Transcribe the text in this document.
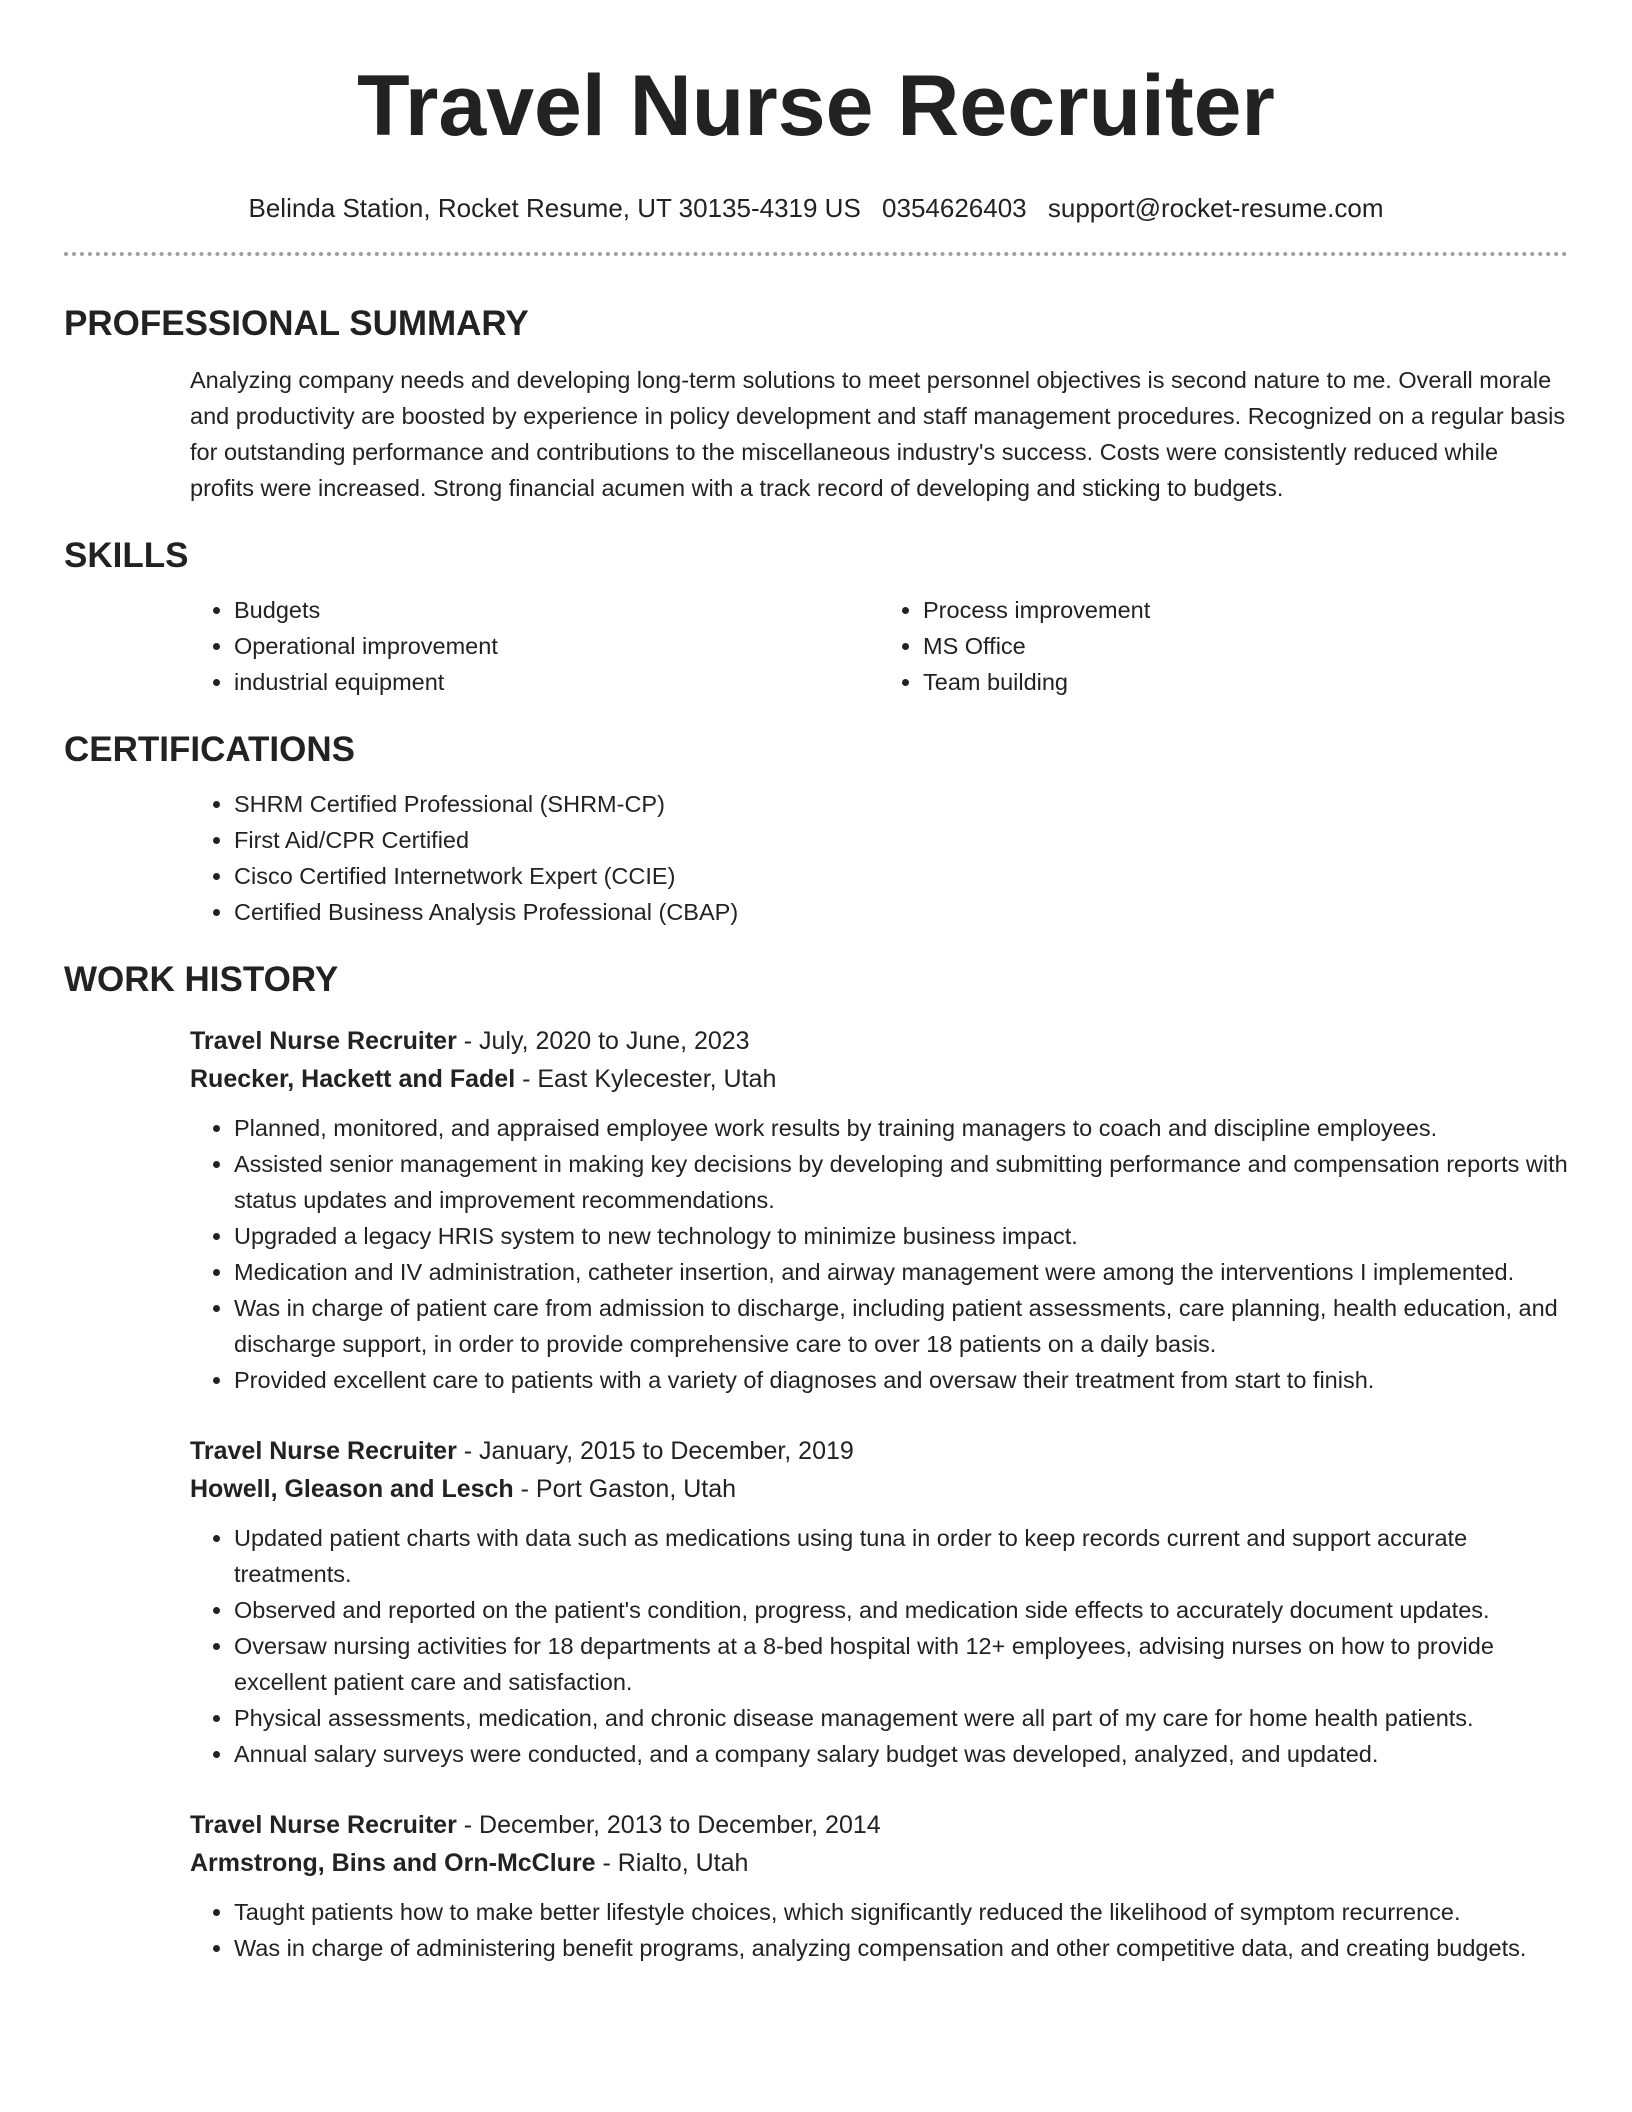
Travel Nurse Recruiter
Belinda Station, Rocket Resume, UT 30135-4319 US 0354626403 support@rocket-resume.com
PROFESSIONAL SUMMARY
Analyzing company needs and developing long-term solutions to meet personnel objectives is second nature to me. Overall morale and productivity are boosted by experience in policy development and staff management procedures. Recognized on a regular basis for outstanding performance and contributions to the miscellaneous industry's success. Costs were consistently reduced while profits were increased. Strong financial acumen with a track record of developing and sticking to budgets.
SKILLS
• Budgets
• Operational improvement
• industrial equipment
• Process improvement
• MS Office
• Team building
CERTIFICATIONS
• SHRM Certified Professional (SHRM-CP)
• First Aid/CPR Certified
• Cisco Certified Internetwork Expert (CCIE)
• Certified Business Analysis Professional (CBAP)
WORK HISTORY
Travel Nurse Recruiter - July, 2020 to June, 2023
Ruecker, Hackett and Fadel - East Kylecester, Utah
• Planned, monitored, and appraised employee work results by training managers to coach and discipline employees.
• Assisted senior management in making key decisions by developing and submitting performance and compensation reports with status updates and improvement recommendations.
• Upgraded a legacy HRIS system to new technology to minimize business impact.
• Medication and IV administration, catheter insertion, and airway management were among the interventions I implemented.
• Was in charge of patient care from admission to discharge, including patient assessments, care planning, health education, and discharge support, in order to provide comprehensive care to over 18 patients on a daily basis.
• Provided excellent care to patients with a variety of diagnoses and oversaw their treatment from start to finish.
Travel Nurse Recruiter - January, 2015 to December, 2019
Howell, Gleason and Lesch - Port Gaston, Utah
• Updated patient charts with data such as medications using tuna in order to keep records current and support accurate treatments.
• Observed and reported on the patient's condition, progress, and medication side effects to accurately document updates.
• Oversaw nursing activities for 18 departments at a 8-bed hospital with 12+ employees, advising nurses on how to provide excellent patient care and satisfaction.
• Physical assessments, medication, and chronic disease management were all part of my care for home health patients.
• Annual salary surveys were conducted, and a company salary budget was developed, analyzed, and updated.
Travel Nurse Recruiter - December, 2013 to December, 2014
Armstrong, Bins and Orn-McClure - Rialto, Utah
• Taught patients how to make better lifestyle choices, which significantly reduced the likelihood of symptom recurrence.
• Was in charge of administering benefit programs, analyzing compensation and other competitive data, and creating budgets.
